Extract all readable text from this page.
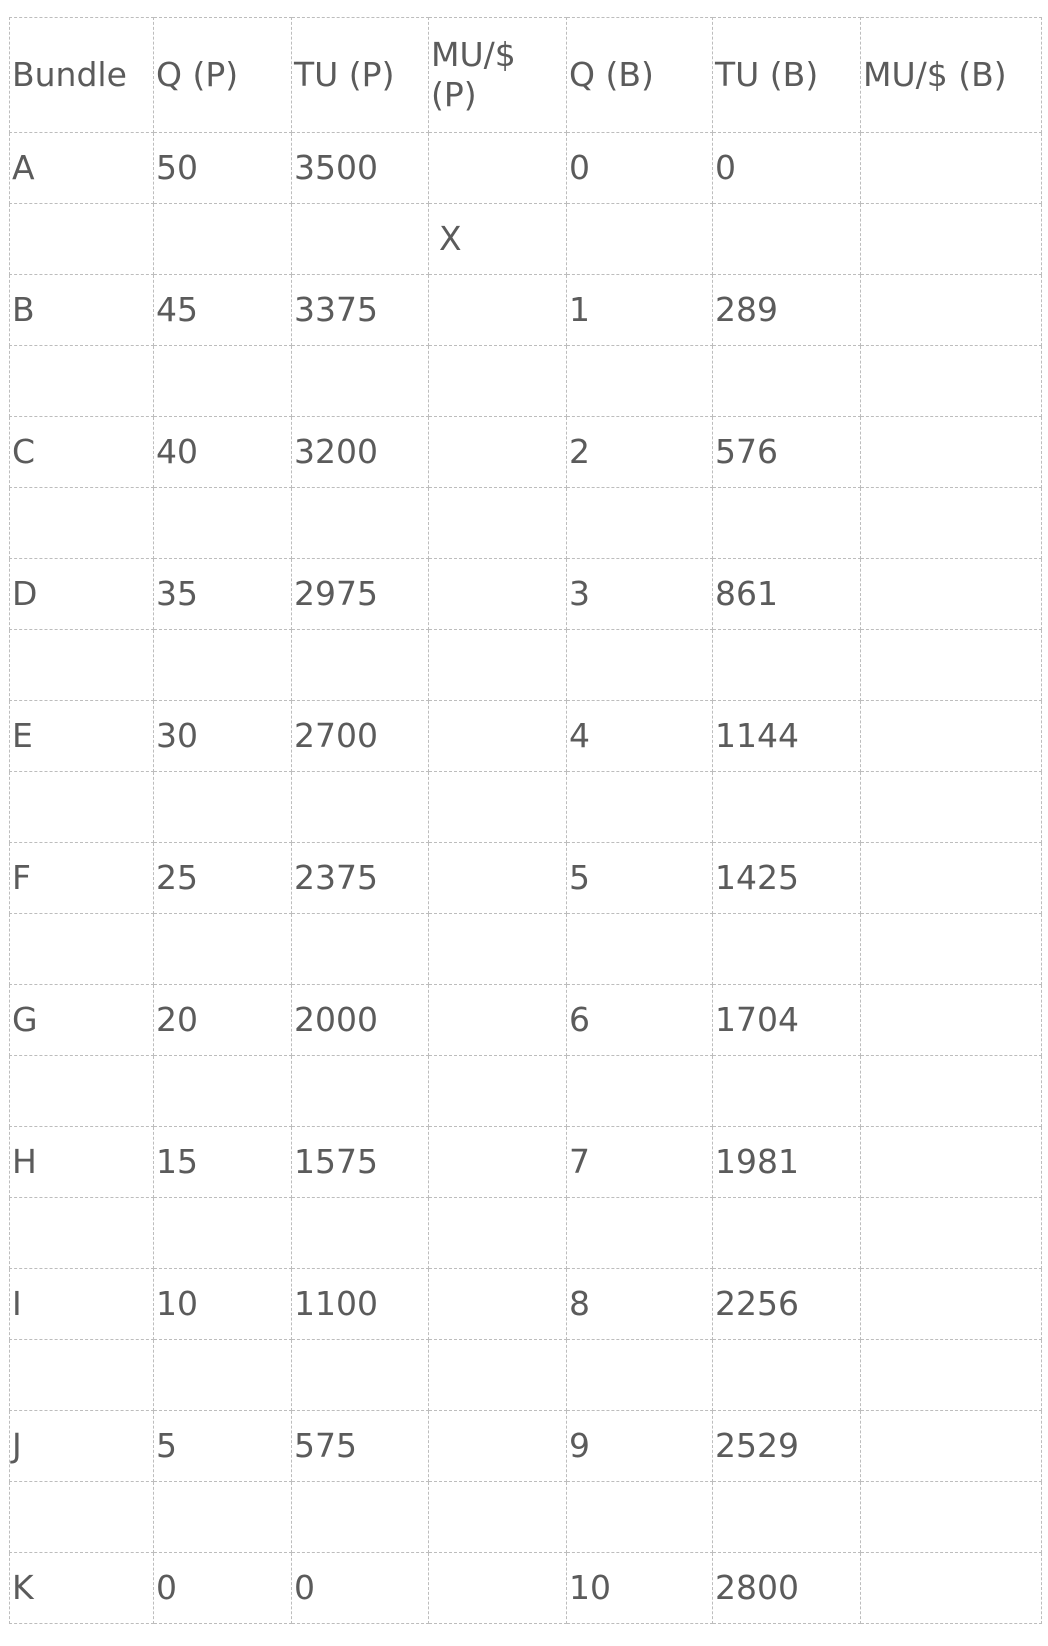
Bundle	Q (P)	TU (P)	MU/$ (P)	Q (B)	TU (B)	MU/$ (B)
A	50	3500		0	0	
			X			
B	45	3375		1	289	

C	40	3200		2	576	

D	35	2975		3	861	

E	30	2700		4	1144	

F	25	2375		5	1425	

G	20	2000		6	1704	

H	15	1575		7	1981	

I	10	1100		8	2256	

J	5	575		9	2529	

K	0	0		10	2800	
